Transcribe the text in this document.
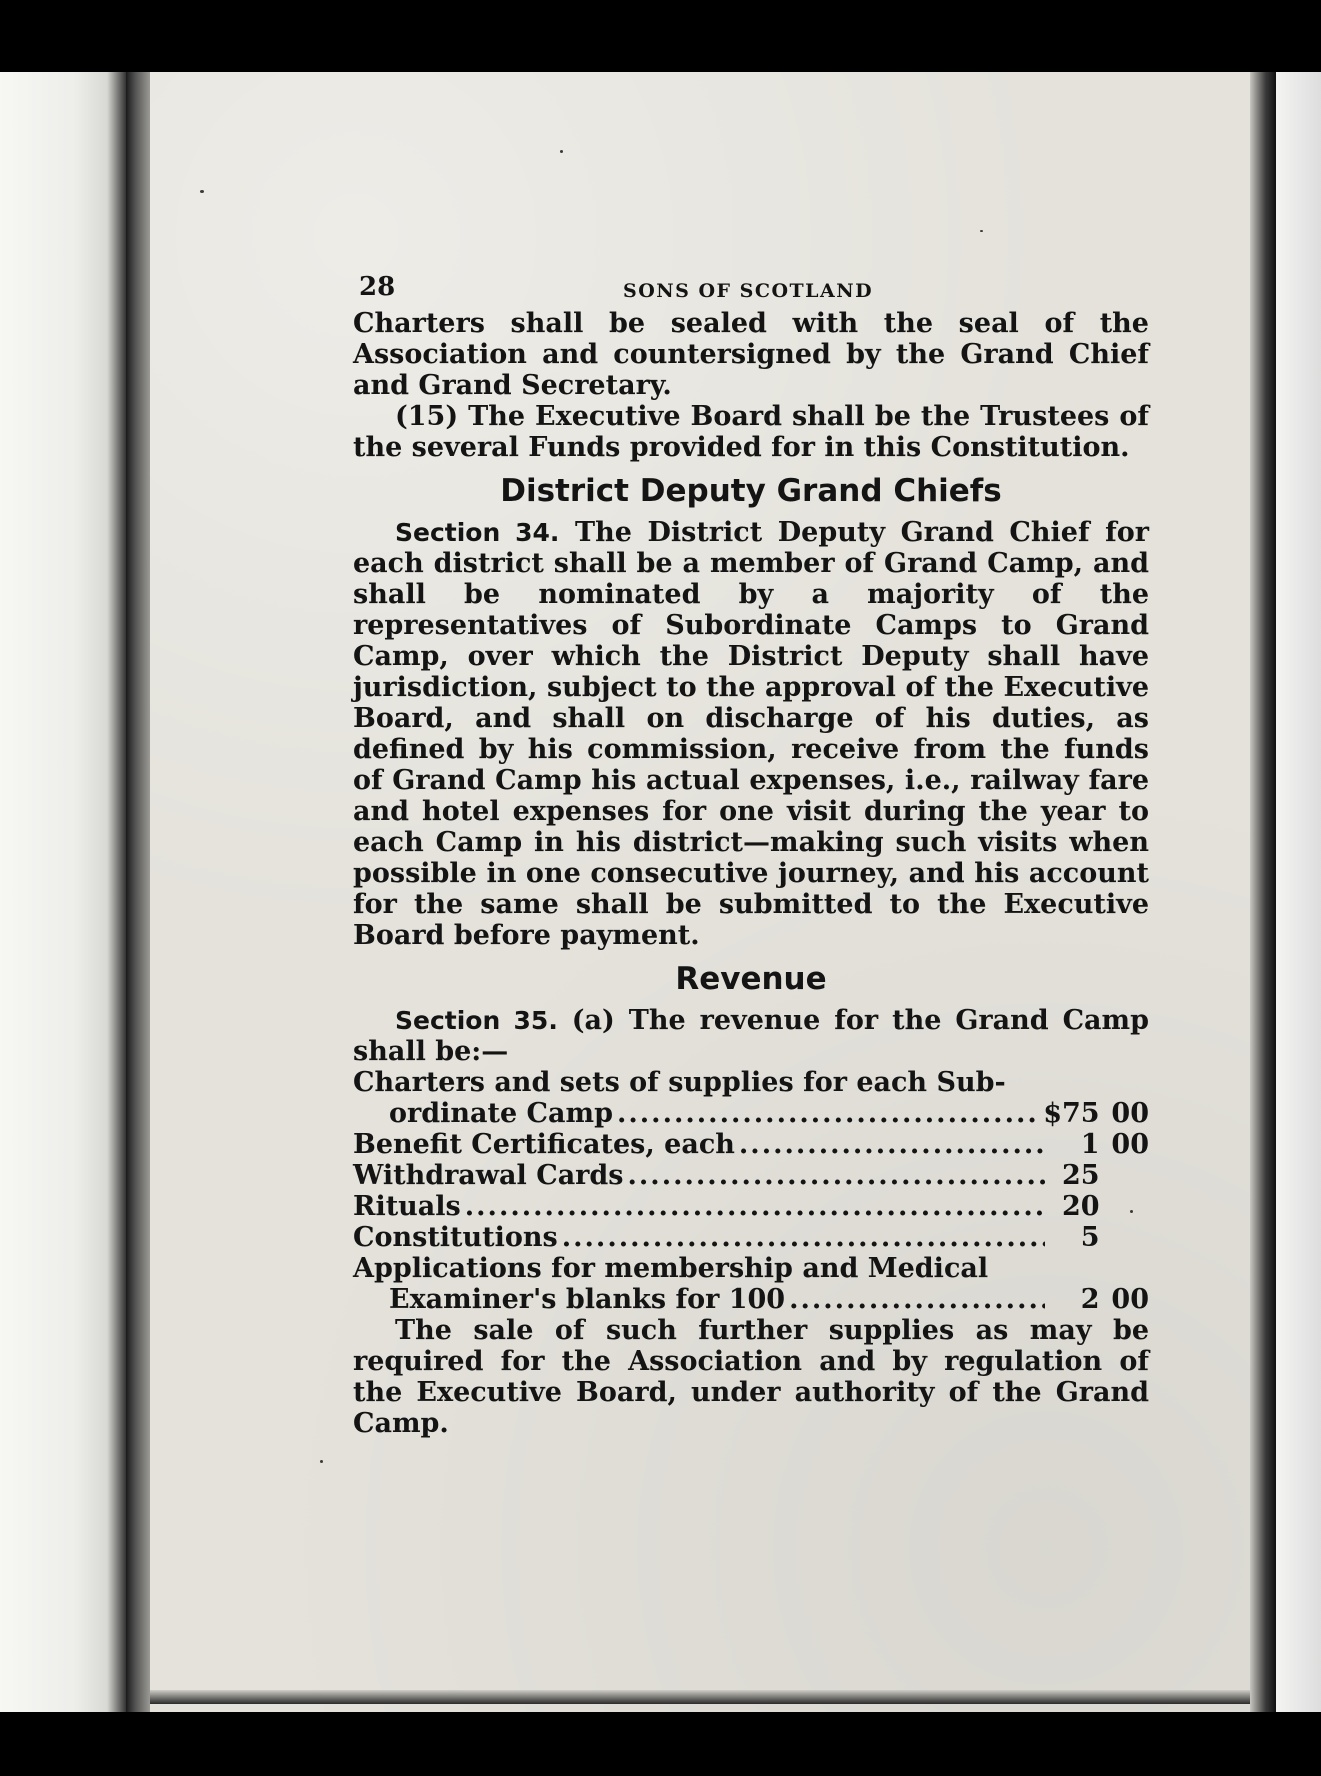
28	SONS OF SCOTLAND

Charters shall be sealed with the seal of the Association and countersigned by the Grand Chief and Grand Secretary.

(15) The Executive Board shall be the Trustees of the several Funds provided for in this Constitution.

District Deputy Grand Chiefs

Section 34. The District Deputy Grand Chief for each district shall be a member of Grand Camp, and shall be nominated by a majority of the representatives of Subordinate Camps to Grand Camp, over which the District Deputy shall have jurisdiction, subject to the approval of the Executive Board, and shall on discharge of his duties, as defined by his commission, receive from the funds of Grand Camp his actual expenses, i.e., railway fare and hotel expenses for one visit during the year to each Camp in his district—making such visits when possible in one consecutive journey, and his account for the same shall be submitted to the Executive Board before payment.

Revenue

Section 35. (a) The revenue for the Grand Camp shall be:—

Charters and sets of supplies for each Sub-
ordinate Camp .....	$75 00
Benefit Certificates, each .....	1 00
Withdrawal Cards .....	25
Rituals .....	20
Constitutions .....	5
Applications for membership and Medical
Examiner's blanks for 100 .....	2 00

The sale of such further supplies as may be required for the Association and by regulation of the Executive Board, under authority of the Grand Camp.
